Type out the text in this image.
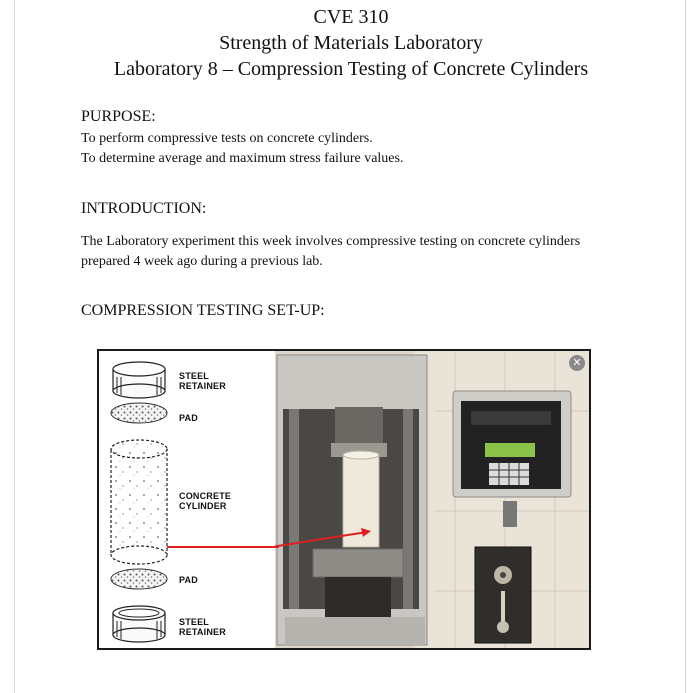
CVE 310
Strength of Materials Laboratory
Laboratory 8 – Compression Testing of Concrete Cylinders
PURPOSE:
To perform compressive tests on concrete cylinders.
To determine average and maximum stress failure values.
INTRODUCTION:
The Laboratory experiment this week involves compressive testing on concrete cylinders prepared 4 week ago during a previous lab.
COMPRESSION TESTING SET-UP:
STEEL
RETAINER
PAD
CONCRETE
CYLINDER
PAD
STEEL
RETAINER
FORNEY
✕
